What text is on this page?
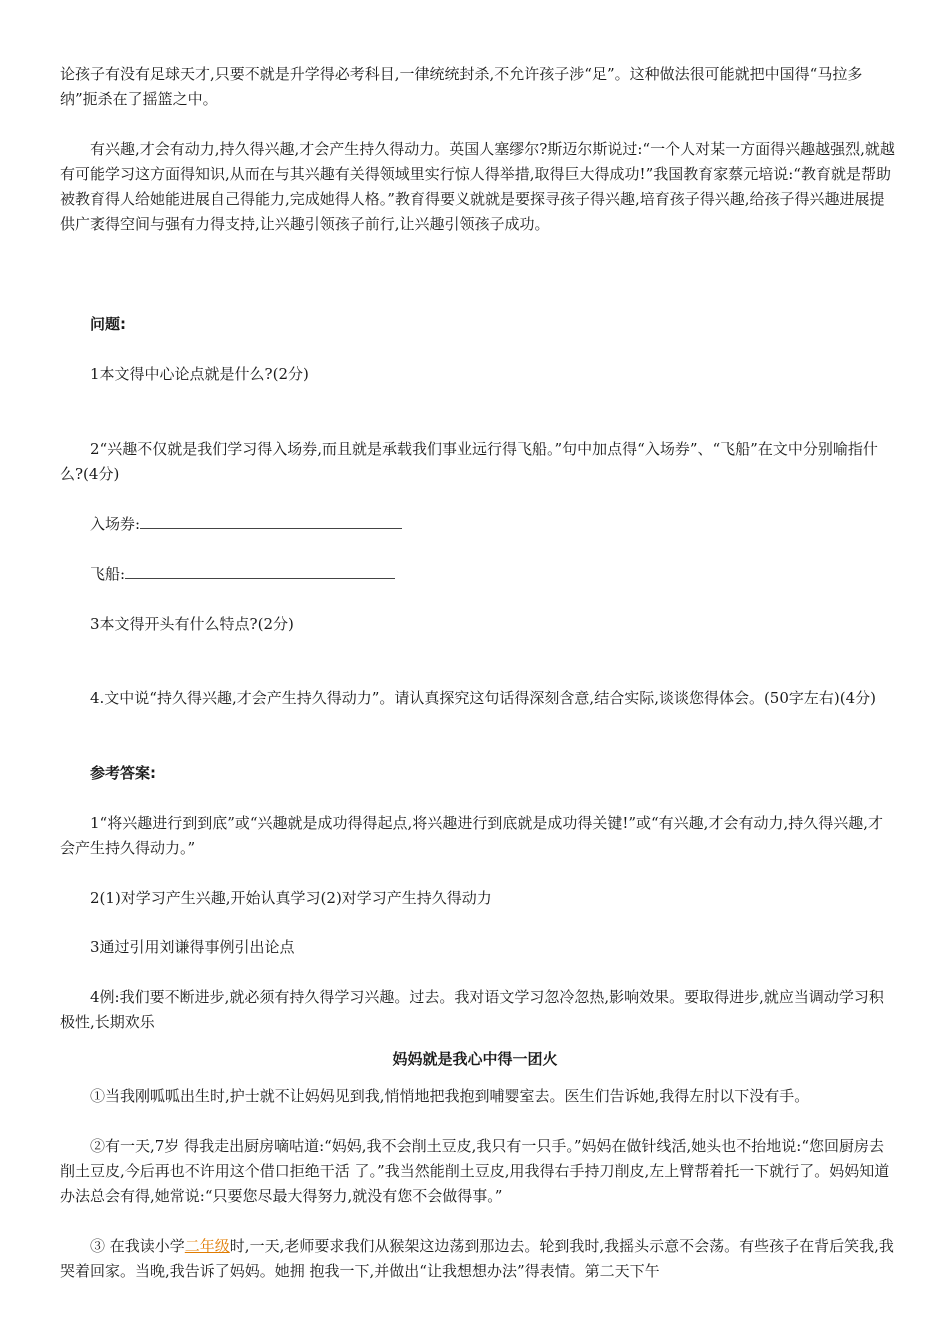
论孩子有没有足球天才,只要不就是升学得必考科目,一律统统封杀,不允许孩子涉“足”。这种做法很可能就把中国得“马拉多纳”扼杀在了摇篮之中。

有兴趣,才会有动力,持久得兴趣,才会产生持久得动力。英国人塞缪尔?斯迈尔斯说过:“一个人对某一方面得兴趣越强烈,就越有可能学习这方面得知识,从而在与其兴趣有关得领域里实行惊人得举措,取得巨大得成功!”我国教育家蔡元培说:“教育就是帮助被教育得人给她能进展自己得能力,完成她得人格。”教育得要义就就是要探寻孩子得兴趣,培育孩子得兴趣,给孩子得兴趣进展提供广袤得空间与强有力得支持,让兴趣引领孩子前行,让兴趣引领孩子成功。

问题:

1本文得中心论点就是什么?(2分)

2“兴趣不仅就是我们学习得入场券,而且就是承载我们事业远行得飞船。”句中加点得“入场券”、“飞船”在文中分别喻指什么?(4分)

入场券:

飞船:

3本文得开头有什么特点?(2分)

4.文中说“持久得兴趣,才会产生持久得动力”。请认真探究这句话得深刻含意,结合实际,谈谈您得体会。(50字左右)(4分)

参考答案:

1“将兴趣进行到到底”或“兴趣就是成功得得起点,将兴趣进行到底就是成功得关键!”或“有兴趣,才会有动力,持久得兴趣,才会产生持久得动力。”

2(1)对学习产生兴趣,开始认真学习(2)对学习产生持久得动力

3通过引用刘谦得事例引出论点

4例:我们要不断进步,就必须有持久得学习兴趣。过去。我对语文学习忽冷忽热,影响效果。要取得进步,就应当调动学习积极性,长期欢乐

妈妈就是我心中得一团火

①当我刚呱呱出生时,护士就不让妈妈见到我,悄悄地把我抱到哺婴室去。医生们告诉她,我得左肘以下没有手。

②有一天,7岁 得我走出厨房嘀咕道:“妈妈,我不会削土豆皮,我只有一只手。”妈妈在做针线活,她头也不抬地说:“您回厨房去削土豆皮,今后再也不许用这个借口拒绝干活 了。”我当然能削土豆皮,用我得右手持刀削皮,左上臂帮着托一下就行了。妈妈知道办法总会有得,她常说:“只要您尽最大得努力,就没有您不会做得事。”

③ 在我读小学二年级时,一天,老师要求我们从猴架这边荡到那边去。轮到我时,我摇头示意不会荡。有些孩子在背后笑我,我哭着回家。当晚,我告诉了妈妈。她拥 抱我一下,并做出“让我想想办法”得表情。第二天下午
